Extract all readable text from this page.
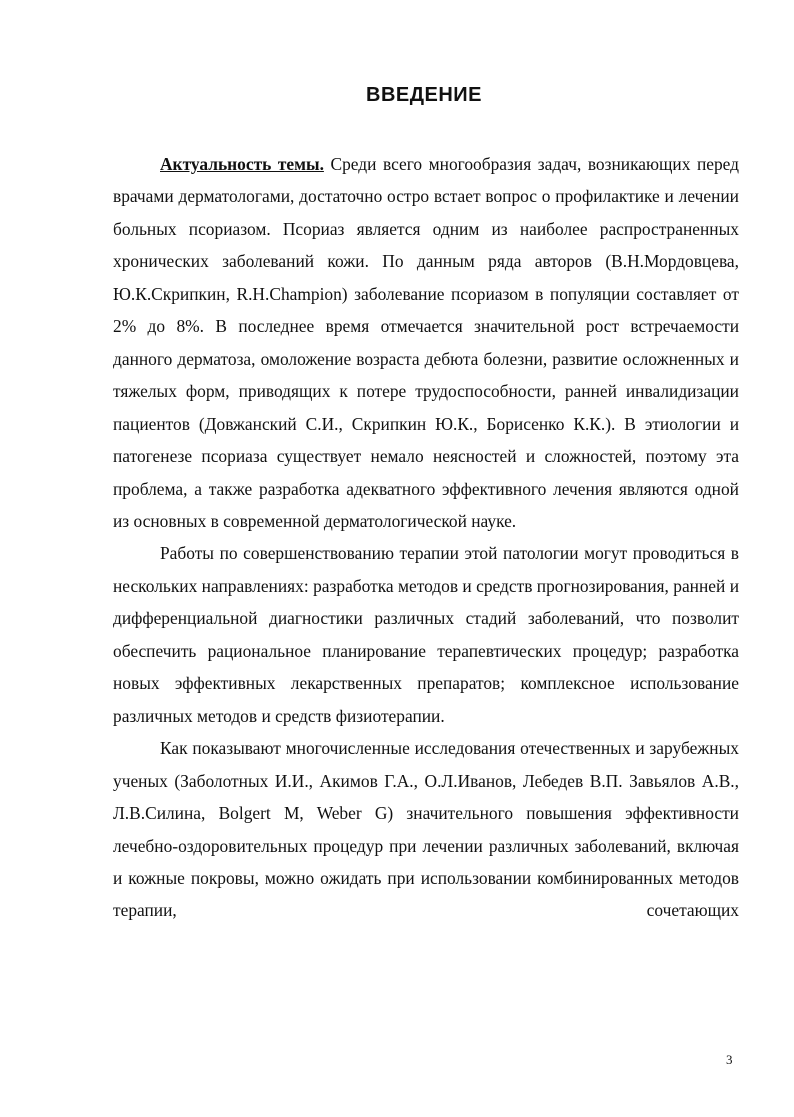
ВВЕДЕНИЕ

Актуальность темы. Среди всего многообразия задач, возникающих перед врачами дерматологами, достаточно остро встает вопрос о профилактике и лечении больных псориазом. Псориаз является одним из наиболее распространенных хронических заболеваний кожи. По данным ряда авторов (В.Н.Мордовцева, Ю.К.Скрипкин, R.H.Champion) заболевание псориазом в популяции составляет от 2% до 8%. В последнее время отмечается значительной рост встречаемости данного дерматоза, омоложение возраста дебюта болезни, развитие осложненных и тяжелых форм, приводящих к потере трудоспособности, ранней инвалидизации пациентов (Довжанский С.И., Скрипкин Ю.К., Борисенко К.К.). В этиологии и патогенезе псориаза существует немало неясностей и сложностей, поэтому эта проблема, а также разработка адекватного эффективного лечения являются одной из основных в современной дерматологической науке.

Работы по совершенствованию терапии этой патологии могут проводиться в нескольких направлениях: разработка методов и средств прогнозирования, ранней и дифференциальной диагностики различных стадий заболеваний, что позволит обеспечить рациональное планирование терапевтических процедур; разработка новых эффективных лекарственных препаратов; комплексное использование различных методов и средств физиотерапии.

Как показывают многочисленные исследования отечественных и зарубежных ученых (Заболотных И.И., Акимов Г.А., О.Л.Иванов, Лебедев В.П. Завьялов А.В., Л.В.Силина, Bolgert M, Weber G) значительного повышения эффективности лечебно-оздоровительных процедур при лечении различных заболеваний, включая и кожные покровы, можно ожидать при использовании комбинированных методов терапии, сочетающих

3
